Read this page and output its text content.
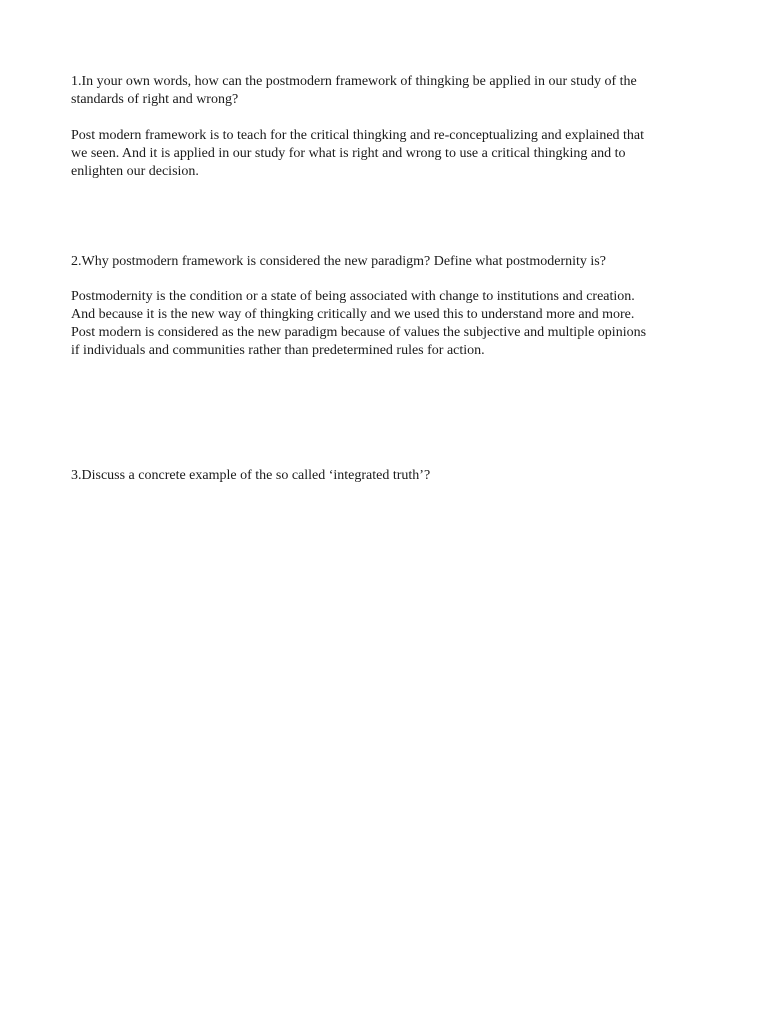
1.In your own words, how can the postmodern framework of thingking be applied in our study of the
standards of right and wrong?

Post modern framework is to teach for the critical thingking and re-conceptualizing and explained that
we seen. And it is applied in our study for what is right and wrong to use a critical thingking and to
enlighten our decision.

2.Why postmodern framework is considered the new paradigm? Define what postmodernity is?

Postmodernity is the condition or a state of being associated with change to institutions and creation.
And because it is the new way of thingking critically and we used this to understand more and more.
Post modern is considered as the new paradigm because of values the subjective and multiple opinions
if individuals and communities rather than predetermined rules for action.

3.Discuss a concrete example of the so called ‘integrated truth’?
